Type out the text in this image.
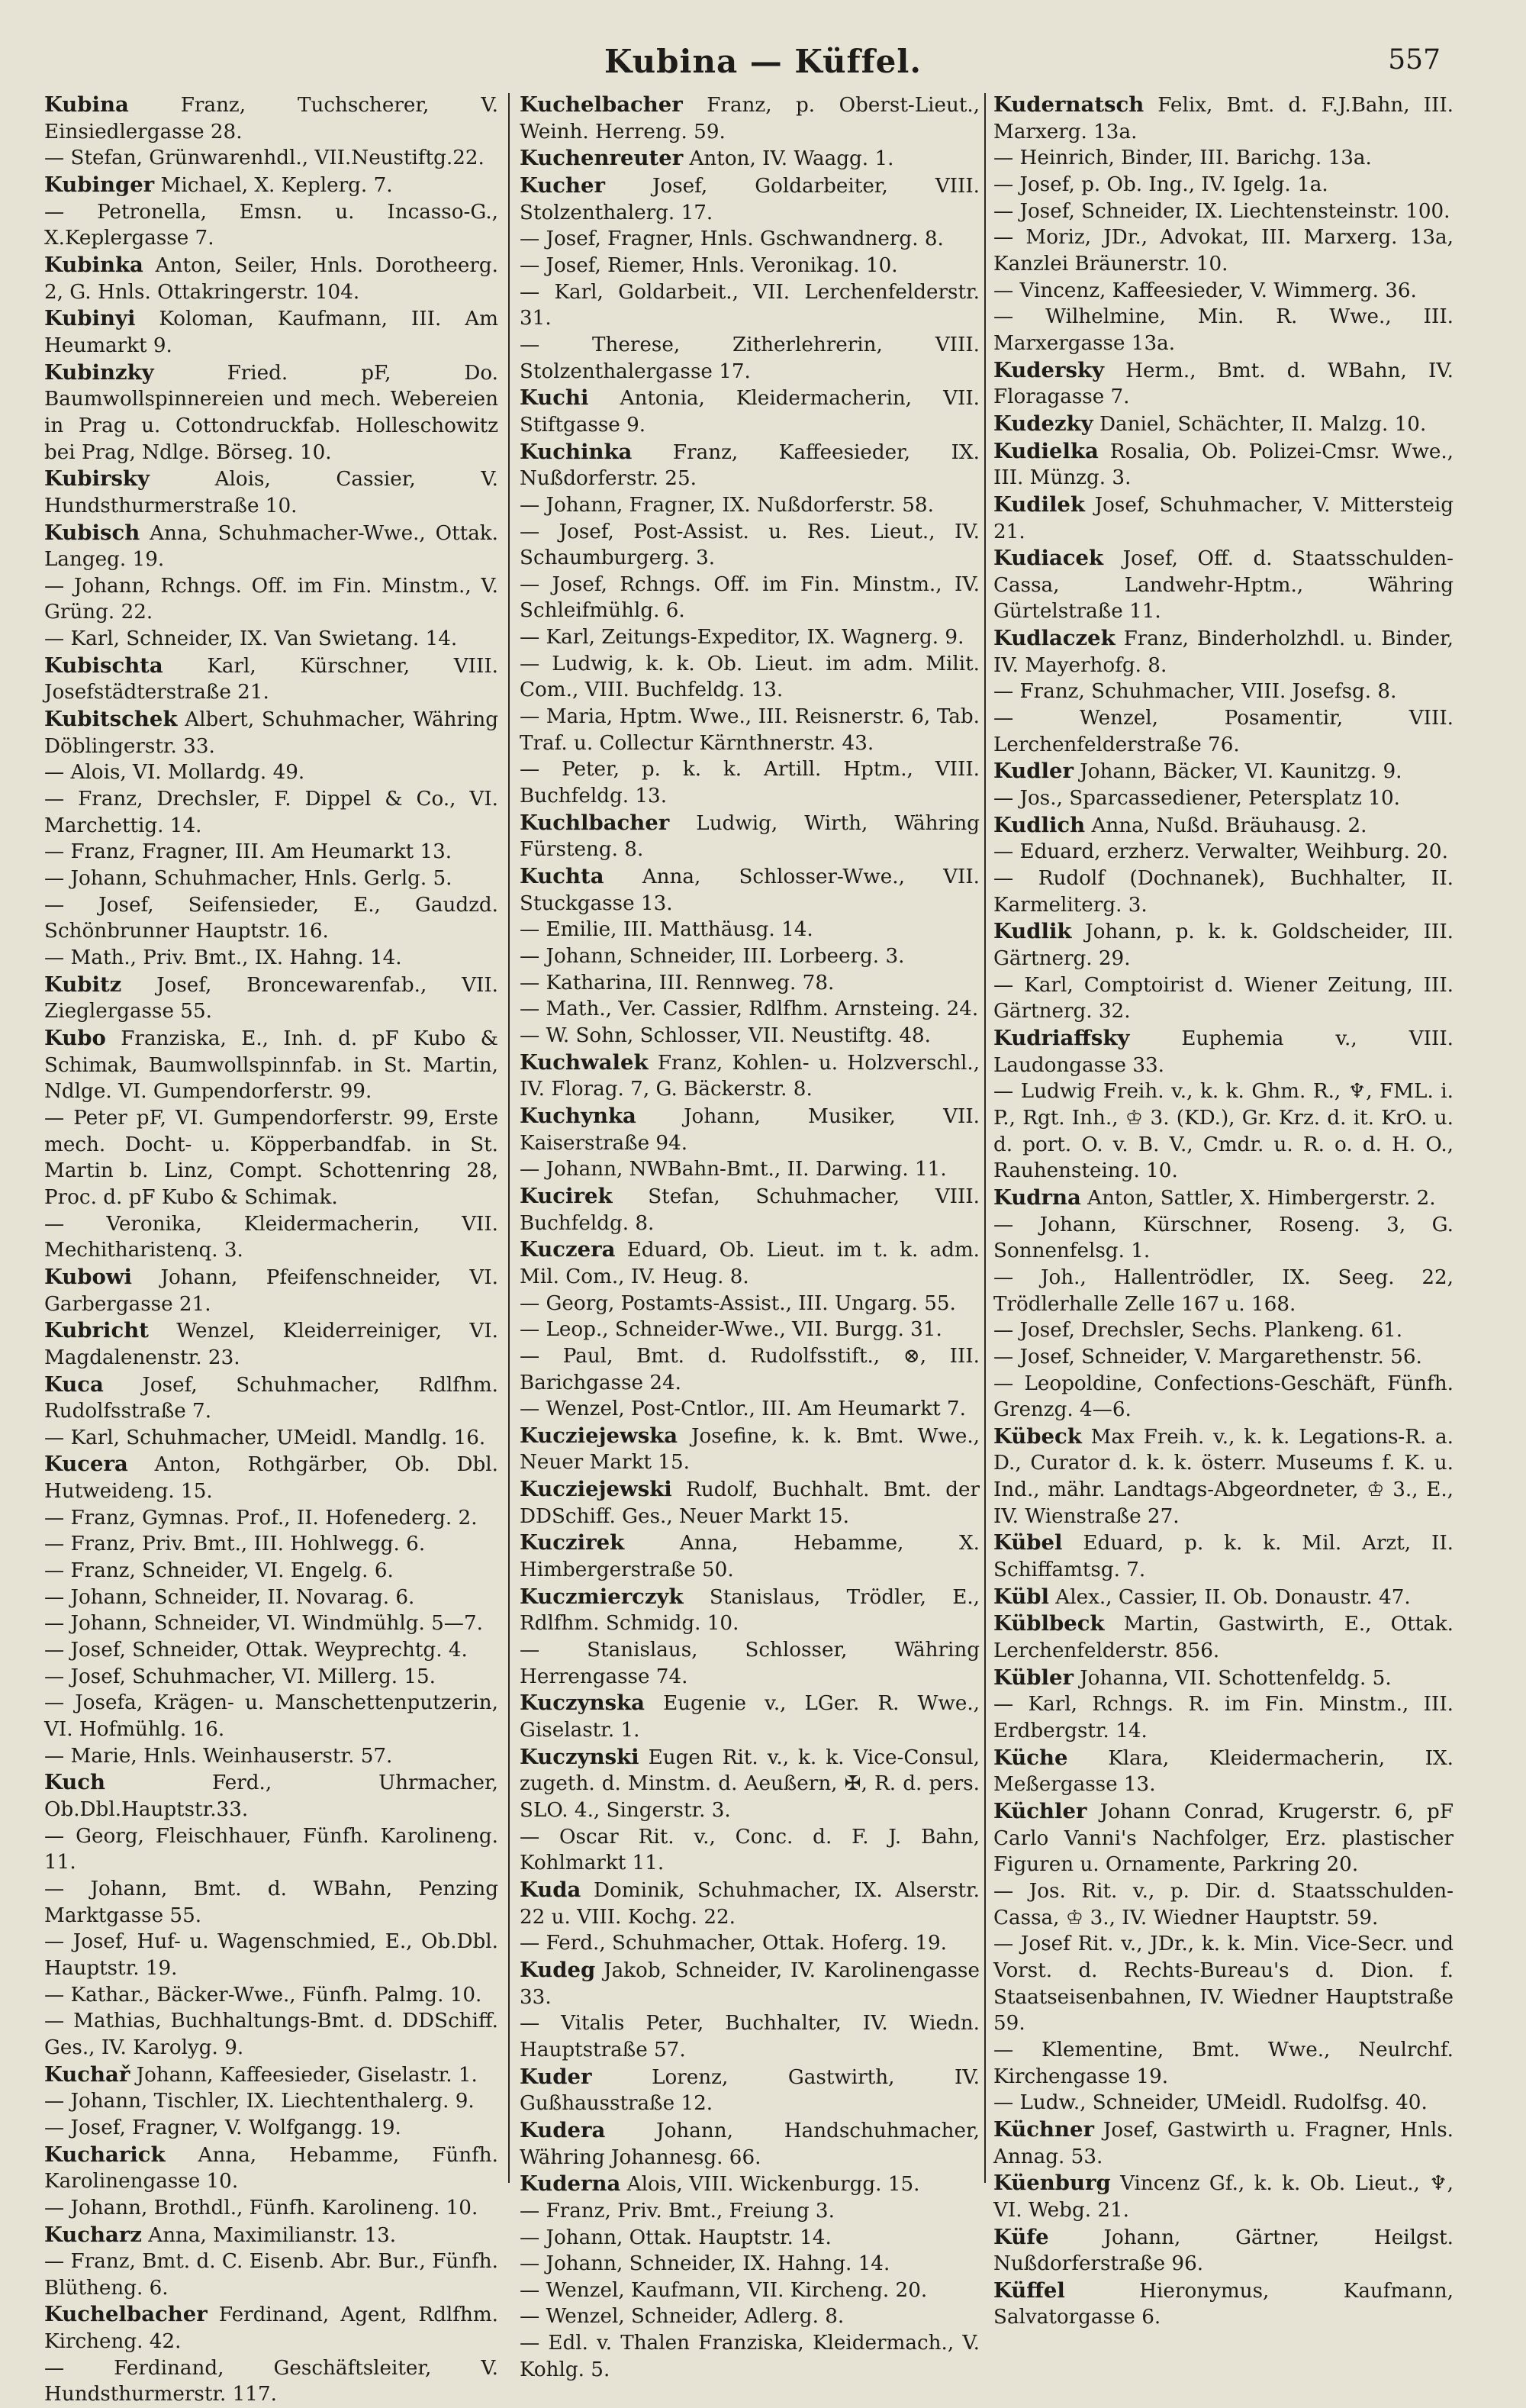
Kubina — Küffel.	557
Kubina Franz, Tuchscherer, V. Einsiedlergasse 28.
— Stefan, Grünwarenhdl., VII.Neustiftg.22.
Kubinger Michael, X. Keplerg. 7.
— Petronella, Emsn. u. Incasso-G., X.Keplergasse 7.
Kubinka Anton, Seiler, Hnls. Dorotheerg. 2, G. Hnls. Ottakringerstr. 104.
Kubinyi Koloman, Kaufmann, III. Am Heumarkt 9.
Kubinzky Fried. pF, Do. Baumwollspinnereien und mech. Webereien in Prag u. Cottondruckfab. Holleschowitz bei Prag, Ndlge. Börseg. 10.
Kubirsky Alois, Cassier, V. Hundsthurmerstraße 10.
Kubisch Anna, Schuhmacher-Wwe., Ottak. Langeg. 19.
— Johann, Rchngs. Off. im Fin. Minstm., V. Grüng. 22.
— Karl, Schneider, IX. Van Swietang. 14.
Kubischta Karl, Kürschner, VIII. Josefstädterstraße 21.
Kubitschek Albert, Schuhmacher, Währing Döblingerstr. 33.
— Alois, VI. Mollardg. 49.
— Franz, Drechsler, F. Dippel & Co., VI. Marchettig. 14.
— Franz, Fragner, III. Am Heumarkt 13.
— Johann, Schuhmacher, Hnls. Gerlg. 5.
— Josef, Seifensieder, E., Gaudzd. Schönbrunner Hauptstr. 16.
— Math., Priv. Bmt., IX. Hahng. 14.
Kubitz Josef, Broncewarenfab., VII. Zieglergasse 55.
Kubo Franziska, E., Inh. d. pF Kubo & Schimak, Baumwollspinnfab. in St. Martin, Ndlge. VI. Gumpendorferstr. 99.
— Peter pF, VI. Gumpendorferstr. 99, Erste mech. Docht- u. Köpperbandfab. in St. Martin b. Linz, Compt. Schottenring 28, Proc. d. pF Kubo & Schimak.
— Veronika, Kleidermacherin, VII. Mechitharistenq. 3.
Kubowi Johann, Pfeifenschneider, VI. Garbergasse 21.
Kubricht Wenzel, Kleiderreiniger, VI. Magdalenenstr. 23.
Kuca Josef, Schuhmacher, Rdlfhm. Rudolfsstraße 7.
— Karl, Schuhmacher, UMeidl. Mandlg. 16.
Kucera Anton, Rothgärber, Ob. Dbl. Hutweideng. 15.
— Franz, Gymnas. Prof., II. Hofenederg. 2.
— Franz, Priv. Bmt., III. Hohlwegg. 6.
— Franz, Schneider, VI. Engelg. 6.
— Johann, Schneider, II. Novarag. 6.
— Johann, Schneider, VI. Windmühlg. 5—7.
— Josef, Schneider, Ottak. Weyprechtg. 4.
— Josef, Schuhmacher, VI. Millerg. 15.
— Josefa, Krägen- u. Manschettenputzerin, VI. Hofmühlg. 16.
— Marie, Hnls. Weinhauserstr. 57.
Kuch Ferd., Uhrmacher, Ob.Dbl.Hauptstr.33.
— Georg, Fleischhauer, Fünfh. Karolineng. 11.
— Johann, Bmt. d. WBahn, Penzing Marktgasse 55.
— Josef, Huf- u. Wagenschmied, E., Ob.Dbl. Hauptstr. 19.
— Kathar., Bäcker-Wwe., Fünfh. Palmg. 10.
— Mathias, Buchhaltungs-Bmt. d. DDSchiff. Ges., IV. Karolyg. 9.
Kuchař Johann, Kaffeesieder, Giselastr. 1.
— Johann, Tischler, IX. Liechtenthalerg. 9.
— Josef, Fragner, V. Wolfgangg. 19.
Kucharick Anna, Hebamme, Fünfh. Karolinengasse 10.
— Johann, Brothdl., Fünfh. Karolineng. 10.
Kucharz Anna, Maximilianstr. 13.
— Franz, Bmt. d. C. Eisenb. Abr. Bur., Fünfh. Blütheng. 6.
Kuchelbacher Ferdinand, Agent, Rdlfhm. Kircheng. 42.
— Ferdinand, Geschäftsleiter, V. Hundsthurmerstr. 117.
Kuchelbacher Franz, p. Oberst-Lieut., Weinh. Herreng. 59.
Kuchenreuter Anton, IV. Waagg. 1.
Kucher Josef, Goldarbeiter, VIII. Stolzenthalerg. 17.
— Josef, Fragner, Hnls. Gschwandnerg. 8.
— Josef, Riemer, Hnls. Veronikag. 10.
— Karl, Goldarbeit., VII. Lerchenfelderstr. 31.
— Therese, Zitherlehrerin, VIII. Stolzenthalergasse 17.
Kuchi Antonia, Kleidermacherin, VII. Stiftgasse 9.
Kuchinka Franz, Kaffeesieder, IX. Nußdorferstr. 25.
— Johann, Fragner, IX. Nußdorferstr. 58.
— Josef, Post-Assist. u. Res. Lieut., IV. Schaumburgerg. 3.
— Josef, Rchngs. Off. im Fin. Minstm., IV. Schleifmühlg. 6.
— Karl, Zeitungs-Expeditor, IX. Wagnerg. 9.
— Ludwig, k. k. Ob. Lieut. im adm. Milit. Com., VIII. Buchfeldg. 13.
— Maria, Hptm. Wwe., III. Reisnerstr. 6, Tab. Traf. u. Collectur Kärnthnerstr. 43.
— Peter, p. k. k. Artill. Hptm., VIII. Buchfeldg. 13.
Kuchlbacher Ludwig, Wirth, Währing Fürsteng. 8.
Kuchta Anna, Schlosser-Wwe., VII. Stuckgasse 13.
— Emilie, III. Matthäusg. 14.
— Johann, Schneider, III. Lorbeerg. 3.
— Katharina, III. Rennweg. 78.
— Math., Ver. Cassier, Rdlfhm. Arnsteing. 24.
— W. Sohn, Schlosser, VII. Neustiftg. 48.
Kuchwalek Franz, Kohlen- u. Holzverschl., IV. Florag. 7, G. Bäckerstr. 8.
Kuchynka Johann, Musiker, VII. Kaiserstraße 94.
— Johann, NWBahn-Bmt., II. Darwing. 11.
Kucirek Stefan, Schuhmacher, VIII. Buchfeldg. 8.
Kuczera Eduard, Ob. Lieut. im t. k. adm. Mil. Com., IV. Heug. 8.
— Georg, Postamts-Assist., III. Ungarg. 55.
— Leop., Schneider-Wwe., VII. Burgg. 31.
— Paul, Bmt. d. Rudolfsstift., ⊗, III. Barichgasse 24.
— Wenzel, Post-Cntlor., III. Am Heumarkt 7.
Kucziejewska Josefine, k. k. Bmt. Wwe., Neuer Markt 15.
Kucziejewski Rudolf, Buchhalt. Bmt. der DDSchiff. Ges., Neuer Markt 15.
Kuczirek Anna, Hebamme, X. Himbergerstraße 50.
Kuczmierczyk Stanislaus, Trödler, E., Rdlfhm. Schmidg. 10.
— Stanislaus, Schlosser, Währing Herrengasse 74.
Kuczynska Eugenie v., LGer. R. Wwe., Giselastr. 1.
Kuczynski Eugen Rit. v., k. k. Vice-Consul, zugeth. d. Minstm. d. Aeußern, ✠, R. d. pers. SLO. 4., Singerstr. 3.
— Oscar Rit. v., Conc. d. F. J. Bahn, Kohlmarkt 11.
Kuda Dominik, Schuhmacher, IX. Alserstr. 22 u. VIII. Kochg. 22.
— Ferd., Schuhmacher, Ottak. Hoferg. 19.
Kudeg Jakob, Schneider, IV. Karolinengasse 33.
— Vitalis Peter, Buchhalter, IV. Wiedn. Hauptstraße 57.
Kuder Lorenz, Gastwirth, IV. Gußhausstraße 12.
Kudera Johann, Handschuhmacher, Währing Johannesg. 66.
Kuderna Alois, VIII. Wickenburgg. 15.
— Franz, Priv. Bmt., Freiung 3.
— Johann, Ottak. Hauptstr. 14.
— Johann, Schneider, IX. Hahng. 14.
— Wenzel, Kaufmann, VII. Kircheng. 20.
— Wenzel, Schneider, Adlerg. 8.
— Edl. v. Thalen Franziska, Kleidermach., V. Kohlg. 5.
Kudernatsch Felix, Bmt. d. F.J.Bahn, III. Marxerg. 13a.
— Heinrich, Binder, III. Barichg. 13a.
— Josef, p. Ob. Ing., IV. Igelg. 1a.
— Josef, Schneider, IX. Liechtensteinstr. 100.
— Moriz, JDr., Advokat, III. Marxerg. 13a, Kanzlei Bräunerstr. 10.
— Vincenz, Kaffeesieder, V. Wimmerg. 36.
— Wilhelmine, Min. R. Wwe., III. Marxergasse 13a.
Kudersky Herm., Bmt. d. WBahn, IV. Floragasse 7.
Kudezky Daniel, Schächter, II. Malzg. 10.
Kudielka Rosalia, Ob. Polizei-Cmsr. Wwe., III. Münzg. 3.
Kudilek Josef, Schuhmacher, V. Mittersteig 21.
Kudiacek Josef, Off. d. Staatsschulden-Cassa, Landwehr-Hptm., Währing Gürtelstraße 11.
Kudlaczek Franz, Binderholzhdl. u. Binder, IV. Mayerhofg. 8.
— Franz, Schuhmacher, VIII. Josefsg. 8.
— Wenzel, Posamentir, VIII. Lerchenfelderstraße 76.
Kudler Johann, Bäcker, VI. Kaunitzg. 9.
— Jos., Sparcassediener, Petersplatz 10.
Kudlich Anna, Nußd. Bräuhausg. 2.
— Eduard, erzherz. Verwalter, Weihburg. 20.
— Rudolf (Dochnanek), Buchhalter, II. Karmeliterg. 3.
Kudlik Johann, p. k. k. Goldscheider, III. Gärtnerg. 29.
— Karl, Comptoirist d. Wiener Zeitung, III. Gärtnerg. 32.
Kudriaffsky Euphemia v., VIII. Laudongasse 33.
— Ludwig Freih. v., k. k. Ghm. R., ♆, FML. i. P., Rgt. Inh., ♔ 3. (KD.), Gr. Krz. d. it. KrO. u. d. port. O. v. B. V., Cmdr. u. R. o. d. H. O., Rauhensteing. 10.
Kudrna Anton, Sattler, X. Himbergerstr. 2.
— Johann, Kürschner, Roseng. 3, G. Sonnenfelsg. 1.
— Joh., Hallentrödler, IX. Seeg. 22, Trödlerhalle Zelle 167 u. 168.
— Josef, Drechsler, Sechs. Plankeng. 61.
— Josef, Schneider, V. Margarethenstr. 56.
— Leopoldine, Confections-Geschäft, Fünfh. Grenzg. 4—6.
Kübeck Max Freih. v., k. k. Legations-R. a. D., Curator d. k. k. österr. Museums f. K. u. Ind., mähr. Landtags-Abgeordneter, ♔ 3., E., IV. Wienstraße 27.
Kübel Eduard, p. k. k. Mil. Arzt, II. Schiffamtsg. 7.
Kübl Alex., Cassier, II. Ob. Donaustr. 47.
Küblbeck Martin, Gastwirth, E., Ottak. Lerchenfelderstr. 856.
Kübler Johanna, VII. Schottenfeldg. 5.
— Karl, Rchngs. R. im Fin. Minstm., III. Erdbergstr. 14.
Küche Klara, Kleidermacherin, IX. Meßergasse 13.
Küchler Johann Conrad, Krugerstr. 6, pF Carlo Vanni's Nachfolger, Erz. plastischer Figuren u. Ornamente, Parkring 20.
— Jos. Rit. v., p. Dir. d. Staatsschulden-Cassa, ♔ 3., IV. Wiedner Hauptstr. 59.
— Josef Rit. v., JDr., k. k. Min. Vice-Secr. und Vorst. d. Rechts-Bureau's d. Dion. f. Staatseisenbahnen, IV. Wiedner Hauptstraße 59.
— Klementine, Bmt. Wwe., Neulrchf. Kirchengasse 19.
— Ludw., Schneider, UMeidl. Rudolfsg. 40.
Küchner Josef, Gastwirth u. Fragner, Hnls. Annag. 53.
Küenburg Vincenz Gf., k. k. Ob. Lieut., ♆, VI. Webg. 21.
Küfe Johann, Gärtner, Heilgst. Nußdorferstraße 96.
Küffel Hieronymus, Kaufmann, Salvatorgasse 6.
